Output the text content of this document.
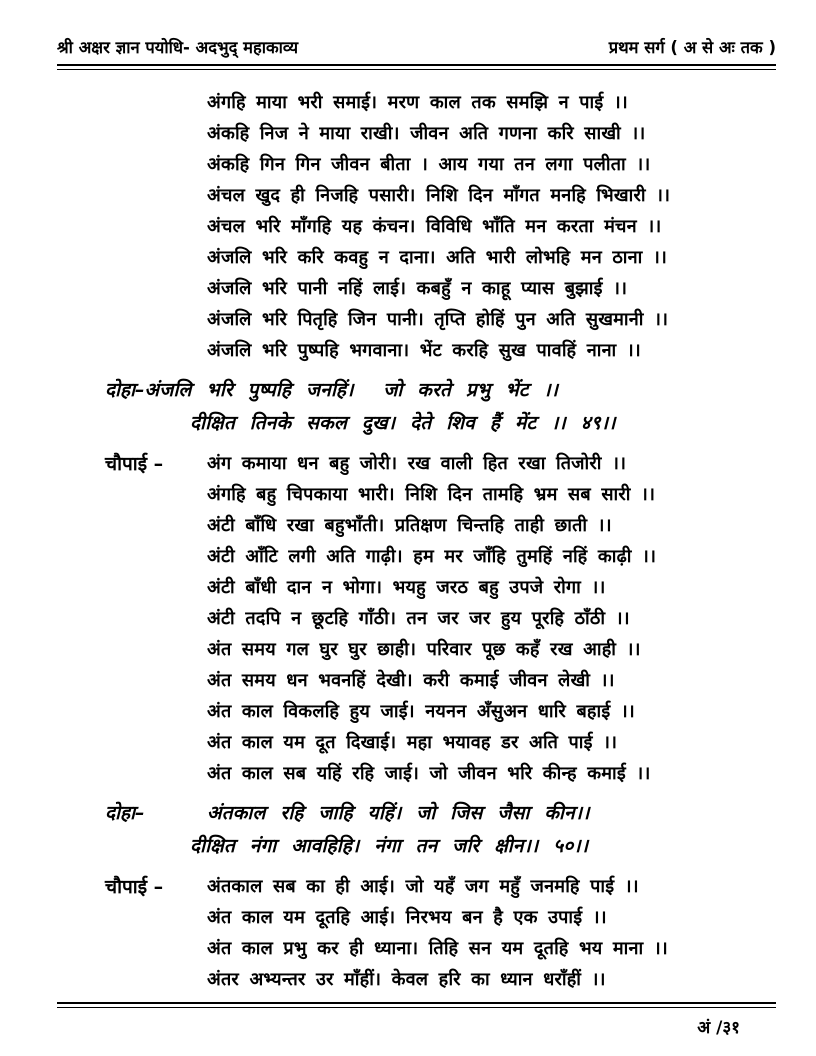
श्री अक्षर ज्ञान पयोधि- अदभुद् महाकाव्य	प्रथम सर्ग ( अ से अः तक )
अंगहि माया भरी समाई। मरण काल तक समझि न पाई ।।
अंकहि निज ने माया राखी। जीवन अति गणना करि साखी ।।
अंकहि गिन गिन जीवन बीता । आय गया तन लगा पलीता ।।
अंचल खुद ही निजहि पसारी। निशि दिन माँगत मनहि भिखारी ।।
अंचल भरि माँगहि यह कंचन। विविधि भाँति मन करता मंचन ।।
अंजलि भरि करि कवहु न दाना। अति भारी लोभहि मन ठाना ।।
अंजलि भरि पानी नहिं लाई। कबहुँ न काहू प्यास बुझाई ।।
अंजलि भरि पितृहि जिन पानी। तृप्ति होहिं पुन अति सुखमानी ।।
अंजलि भरि पुष्पहि भगवाना। भेंट करहि सुख पावहिं नाना ।।
दोहा– अंजलि भरि पुष्पहि जनहिं।  जो करते प्रभु भेंट ।।
दीक्षित तिनके सकल दुख। देते शिव हैं मेंट ।। ४९।।
चौपाई –	अंग कमाया धन बहु जोरी। रख वाली हित रखा तिजोरी ।।
अंगहि बहु चिपकाया भारी। निशि दिन तामहि भ्रम सब सारी ।।
अंटी बाँधि रखा बहुभाँती। प्रतिक्षण चिन्तहि ताही छाती ।।
अंटी आँटि लगी अति गाढ़ी। हम मर जाँहि तुमहिं नहिं काढ़ी ।।
अंटी बाँधी दान न भोगा। भयहु जरठ बहु उपजे रोगा ।।
अंटी तदपि न छूटहि गाँठी। तन जर जर हुय पूरहि ठाँठी ।।
अंत समय गल घुर घुर छाही। परिवार पूछ कहँ रख आही ।।
अंत समय धन भवनहिं देखी। करी कमाई जीवन लेखी ।।
अंत काल विकलहि हुय जाई। नयनन अँसुअन धारि बहाई ।।
अंत काल यम दूत दिखाई। महा भयावह डर अति पाई ।।
अंत काल सब यहिं रहि जाई। जो जीवन भरि कीन्ह कमाई ।।
दोहा–	अंतकाल रहि जाहि यहिं। जो जिस जैसा कीन।।
दीक्षित नंगा आवहिहि। नंगा तन जरि क्षीन।। ५०।।
चौपाई –	अंतकाल सब का ही आई। जो यहँ जग महुँ जनमहि पाई ।।
अंत काल यम दूतहि आई। निरभय बन है एक उपाई ।।
अंत काल प्रभु कर ही ध्याना। तिहि सन यम दूतहि भय माना ।।
अंतर अभ्यन्तर उर माँहीं। केवल हरि का ध्यान धराँहीं ।।
अं /३१
